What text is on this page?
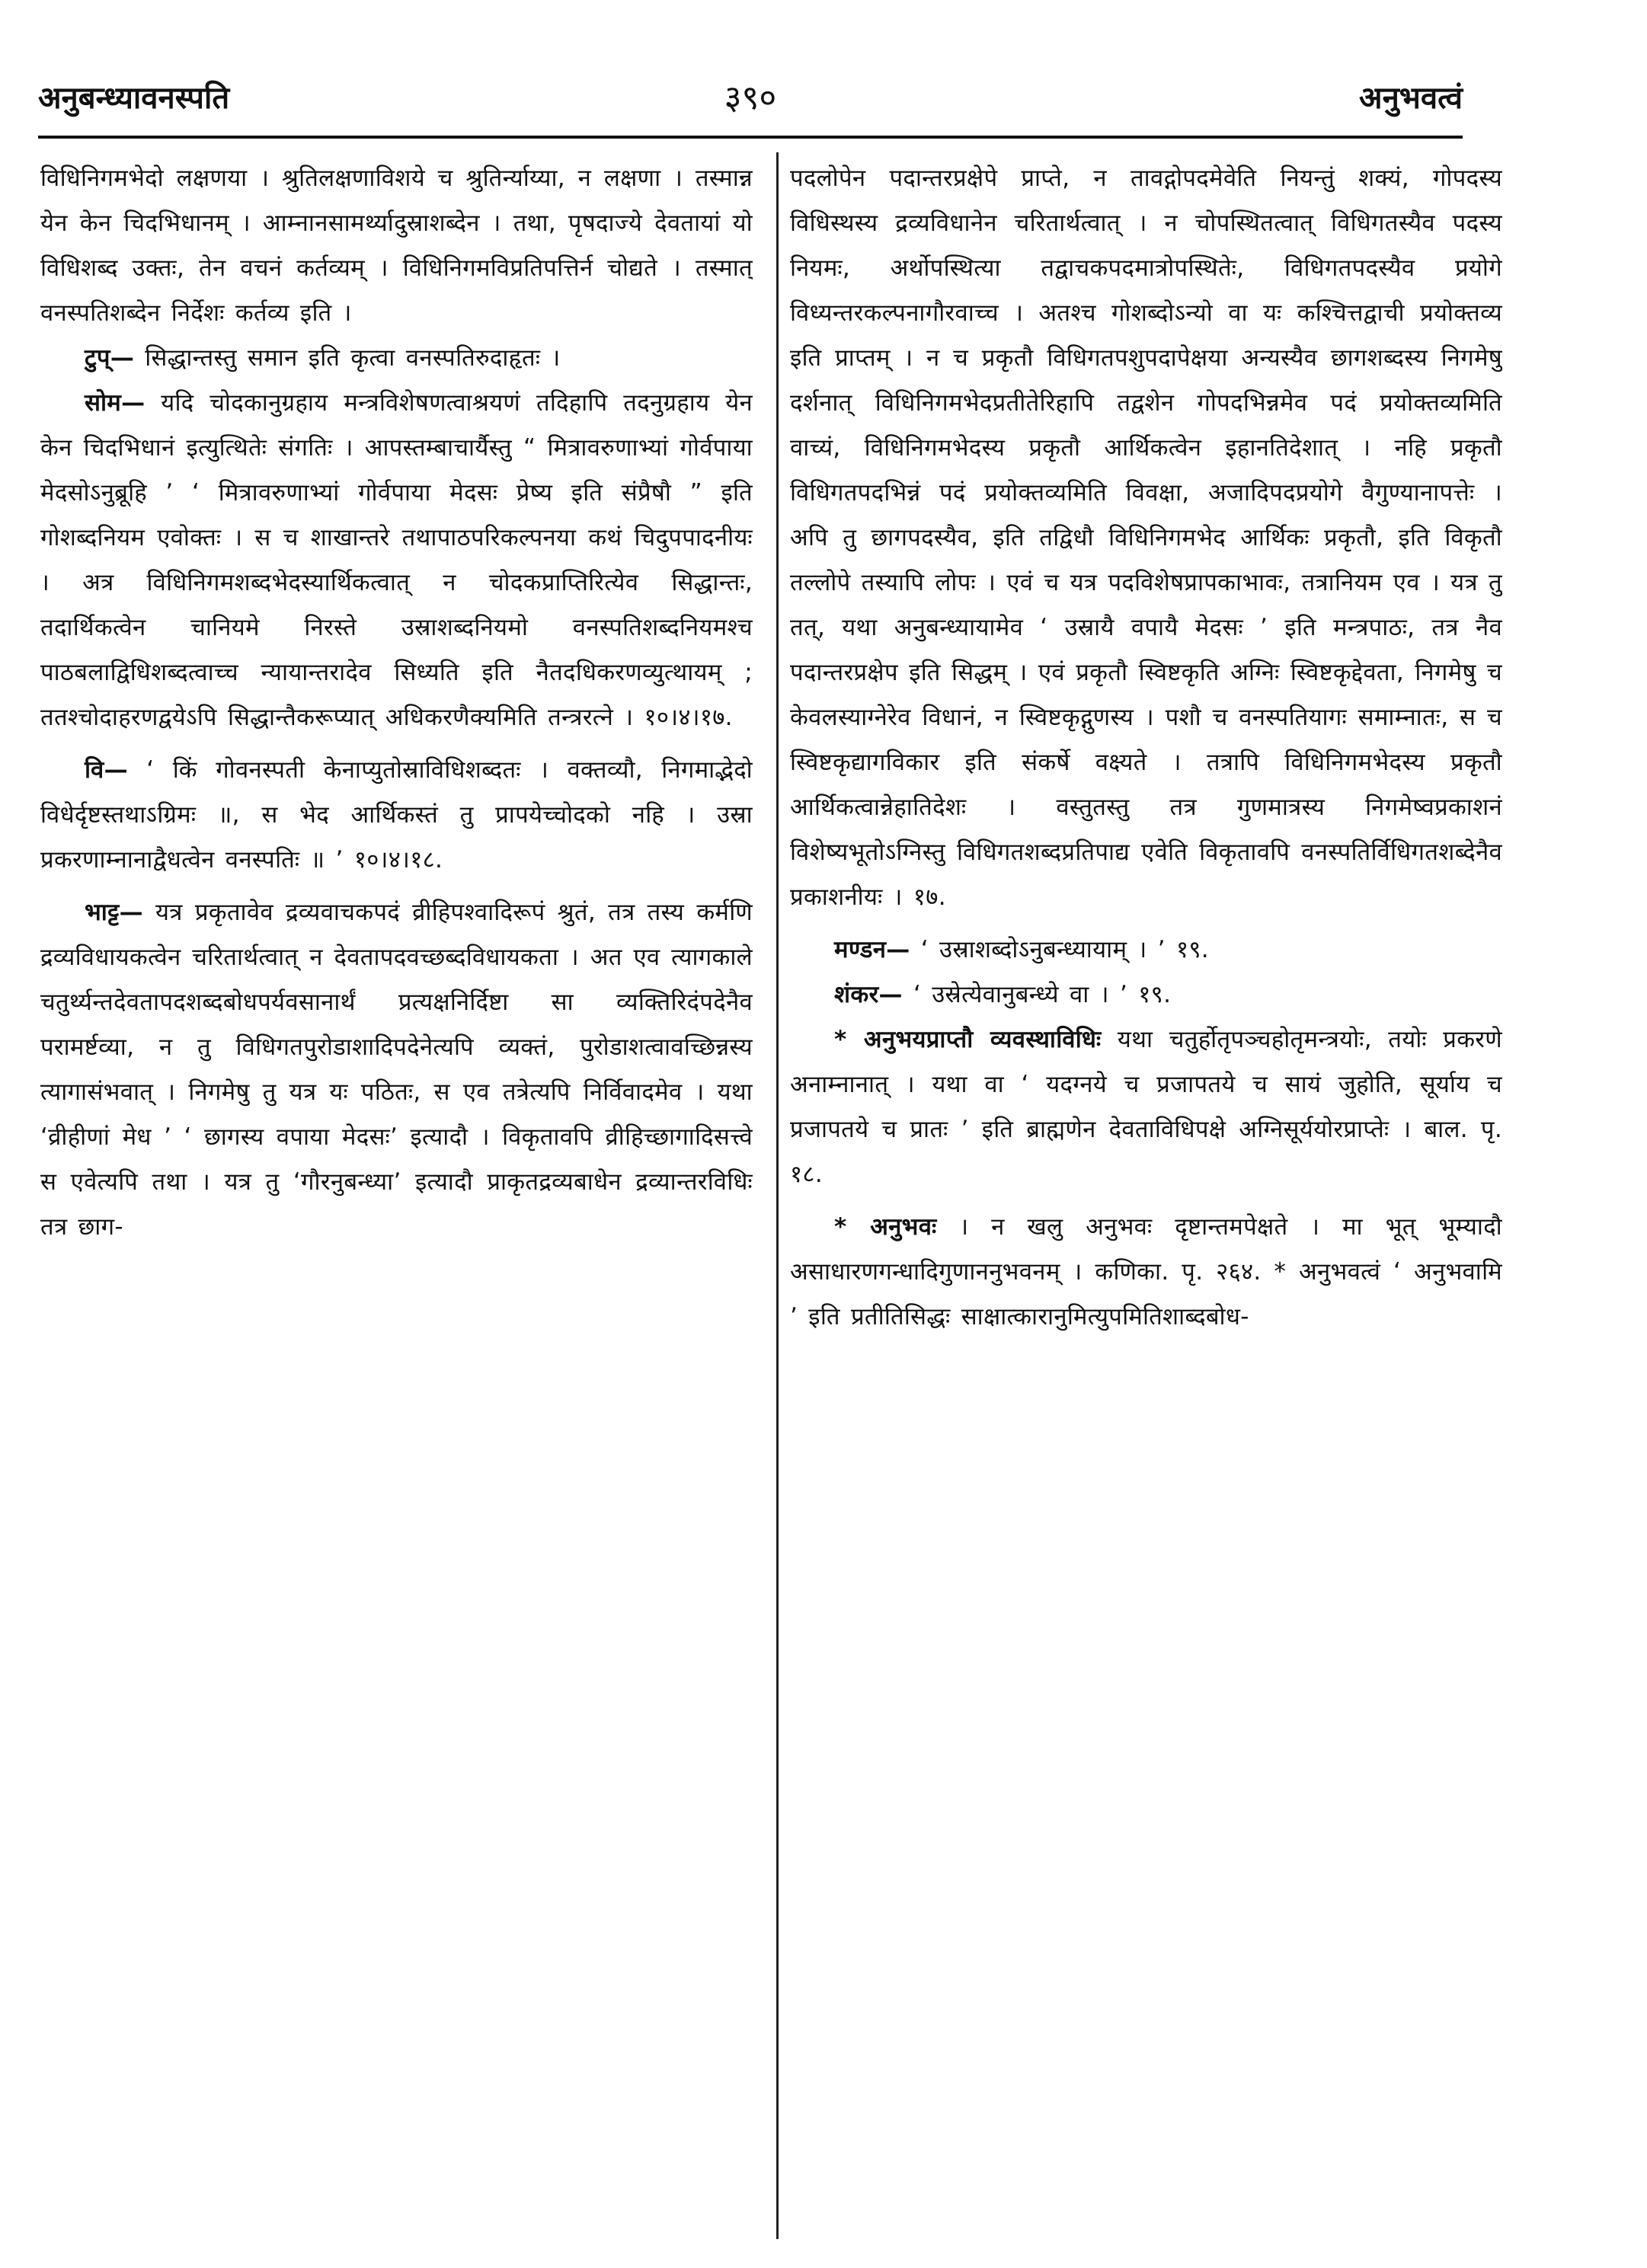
३९०
अनुबन्ध्यावनस्पति	अनुभवत्वं

विधिनिगमभेदो लक्षणया । श्रुतिलक्षणाविशये च श्रुतिर्न्याय्या, न लक्षणा । तस्मान्न येन केन चिदभिधानम् । आम्नानसामर्थ्यादुस्राशब्देन । तथा, पृषदाज्ये देवतायां यो विधिशब्द उक्तः, तेन वचनं कर्तव्यम् । विधिनिगमविप्रतिपत्तिर्न चोद्यते । तस्मात् वनस्पतिशब्देन निर्देशः कर्तव्य इति ।

टुप्— सिद्धान्तस्तु समान इति कृत्वा वनस्पतिरुदाहृतः ।

सोम— यदि चोदकानुग्रहाय मन्त्रविशेषणत्वाश्रयणं तदिहापि तदनुग्रहाय येन केन चिदभिधानं इत्युत्थितेः संगतिः । आपस्तम्बाचार्यैस्तु “ मित्रावरुणाभ्यां गोर्वपाया मेदसोऽनुब्रूहि ’ ‘ मित्रावरुणाभ्यां गोर्वपाया मेदसः प्रेष्य इति संप्रैषौ ” इति गोशब्दनियम एवोक्तः । स च शाखान्तरे तथापाठपरिकल्पनया कथं चिदुपपादनीयः । अत्र विधिनिगमशब्दभेदस्यार्थिकत्वात् न चोदकप्राप्तिरित्येव सिद्धान्तः, तदार्थिकत्वेन चानियमे निरस्ते उस्राशब्दनियमो वनस्पतिशब्दनियमश्च पाठबलाद्विधिशब्दत्वाच्च न्यायान्तरादेव सिध्यति इति नैतदधिकरणव्युत्थायम् ; ततश्चोदाहरणद्वयेऽपि सिद्धान्तैकरूप्यात् अधिकरणैक्यमिति तन्त्ररत्ने । १०।४।१७.

वि— ‘ किं गोवनस्पती केनाप्युतोस्राविधिशब्दतः । वक्तव्यौ, निगमाद्भेदो विधेर्दृष्टस्तथाऽग्रिमः ॥, स भेद आर्थिकस्तं तु प्रापयेच्चोदको नहि । उस्रा प्रकरणाम्नानाद्वैधत्वेन वनस्पतिः ॥ ’ १०।४।१८.

भाट्ट— यत्र प्रकृतावेव द्रव्यवाचकपदं व्रीहिपश्वादिरूपं श्रुतं, तत्र तस्य कर्मणि द्रव्यविधायकत्वेन चरितार्थत्वात् न देवतापदवच्छब्दविधायकता । अत एव त्यागकाले चतुर्थ्यन्तदेवतापदशब्दबोधपर्यवसानार्थं प्रत्यक्षनिर्दिष्टा सा व्यक्तिरिदंपदेनैव परामर्ष्टव्या, न तु विधिगतपुरोडाशादिपदेनेत्यपि व्यक्तं, पुरोडाशत्वावच्छिन्नस्य त्यागासंभवात् । निगमेषु तु यत्र यः पठितः, स एव तत्रेत्यपि निर्विवादमेव । यथा ‘व्रीहीणां मेध ’ ‘ छागस्य वपाया मेदसः’ इत्यादौ । विकृतावपि व्रीहिच्छागादिसत्त्वे स एवेत्यपि तथा । यत्र तु ‘गौरनुबन्ध्या’ इत्यादौ प्राकृतद्रव्यबाधेन द्रव्यान्तरविधिः तत्र छाग-

पदलोपेन पदान्तरप्रक्षेपे प्राप्ते, न तावद्गोपदमेवेति नियन्तुं शक्यं, गोपदस्य विधिस्थस्य द्रव्यविधानेन चरितार्थत्वात् । न चोपस्थितत्वात् विधिगतस्यैव पदस्य नियमः, अर्थोपस्थित्या तद्वाचकपदमात्रोपस्थितेः, विधिगतपदस्यैव प्रयोगे विध्यन्तरकल्पनागौरवाच्च । अतश्च गोशब्दोऽन्यो वा यः कश्चित्तद्वाची प्रयोक्तव्य इति प्राप्तम् । न च प्रकृतौ विधिगतपशुपदापेक्षया अन्यस्यैव छागशब्दस्य निगमेषु दर्शनात् विधिनिगमभेदप्रतीतेरिहापि तद्वशेन गोपदभिन्नमेव पदं प्रयोक्तव्यमिति वाच्यं, विधिनिगमभेदस्य प्रकृतौ आर्थिकत्वेन इहानतिदेशात् । नहि प्रकृतौ विधिगतपदभिन्नं पदं प्रयोक्तव्यमिति विवक्षा, अजादिपदप्रयोगे वैगुण्यानापत्तेः । अपि तु छागपदस्यैव, इति तद्विधौ विधिनिगमभेद आर्थिकः प्रकृतौ, इति विकृतौ तल्लोपे तस्यापि लोपः । एवं च यत्र पदविशेषप्रापकाभावः, तत्रानियम एव । यत्र तु तत्, यथा अनुबन्ध्यायामेव ‘ उस्रायै वपायै मेदसः ’ इति मन्त्रपाठः, तत्र नैव पदान्तरप्रक्षेप इति सिद्धम् । एवं प्रकृतौ स्विष्टकृति अग्निः स्विष्टकृद्देवता, निगमेषु च केवलस्याग्नेरेव विधानं, न स्विष्टकृद्गुणस्य । पशौ च वनस्पतियागः समाम्नातः, स च स्विष्टकृद्यागविकार इति संकर्षे वक्ष्यते । तत्रापि विधिनिगमभेदस्य प्रकृतौ आर्थिकत्वान्नेहातिदेशः । वस्तुतस्तु तत्र गुणमात्रस्य निगमेष्वप्रकाशनं विशेष्यभूतोऽग्निस्तु विधिगतशब्दप्रतिपाद्य एवेति विकृतावपि वनस्पतिर्विधिगतशब्देनैव प्रकाशनीयः । १७.

मण्डन— ‘ उस्राशब्दोऽनुबन्ध्यायाम् । ’ १९.

शंकर— ‘ उस्रेत्येवानुबन्ध्ये वा । ’ १९.

* अनुभयप्राप्तौ व्यवस्थाविधिः यथा चतुर्होतृपञ्चहोतृमन्त्रयोः, तयोः प्रकरणे अनाम्नानात् । यथा वा ‘ यदग्नये च प्रजापतये च सायं जुहोति, सूर्याय च प्रजापतये च प्रातः ’ इति ब्राह्मणेन देवताविधिपक्षे अग्निसूर्ययोरप्राप्तेः । बाल. पृ. १८.

* अनुभवः । न खलु अनुभवः दृष्टान्तमपेक्षते । मा भूत् भूम्यादौ असाधारणगन्धादिगुणाननुभवनम् । कणिका. पृ. २६४. * अनुभवत्वं ‘ अनुभवामि ’ इति प्रतीतिसिद्धः साक्षात्कारानुमित्युपमितिशाब्दबोध-
